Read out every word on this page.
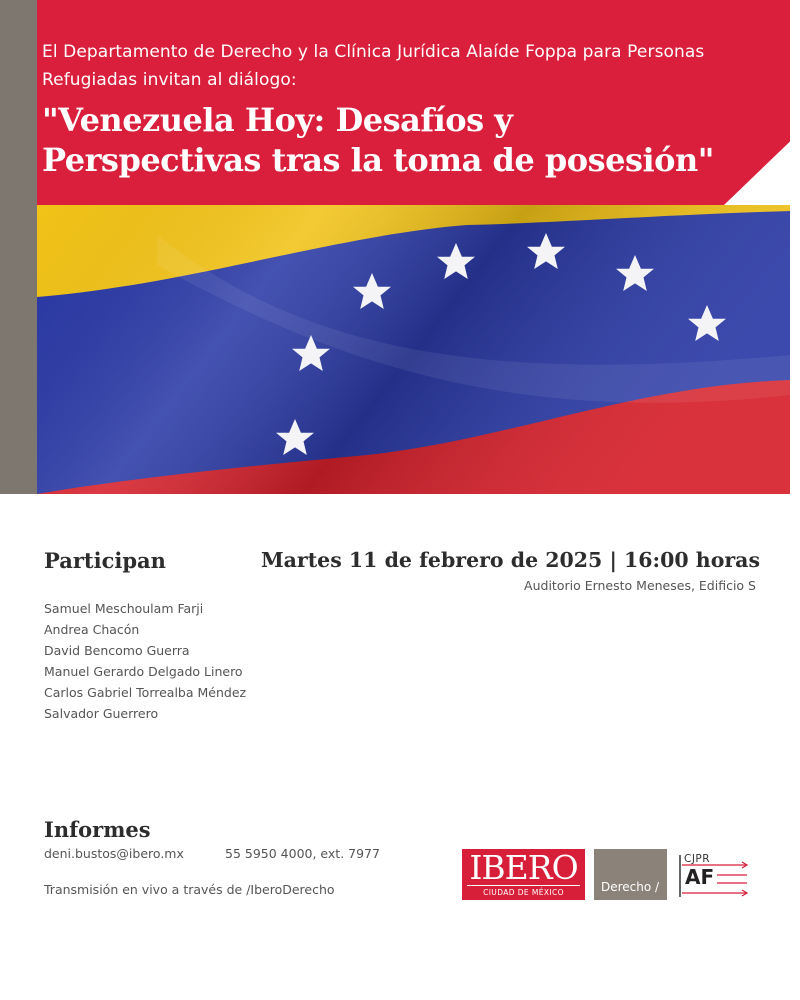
El Departamento de Derecho y la Clínica Jurídica Alaíde Foppa para Personas Refugiadas invitan al diálogo:
"Venezuela Hoy: Desafíos y Perspectivas tras la toma de posesión"
Participan
Samuel Meschoulam Farji
Andrea Chacón
David Bencomo Guerra
Manuel Gerardo Delgado Linero
Carlos Gabriel Torrealba Méndez
Salvador Guerrero
Martes 11 de febrero de 2025 | 16:00 horas
Auditorio Ernesto Meneses, Edificio S
Informes
deni.bustos@ibero.mx	55 5950 4000, ext. 7977
Transmisión en vivo a través de /IberoDerecho
IBERO
CIUDAD DE MÉXICO	Derecho /
CJPR
AF
